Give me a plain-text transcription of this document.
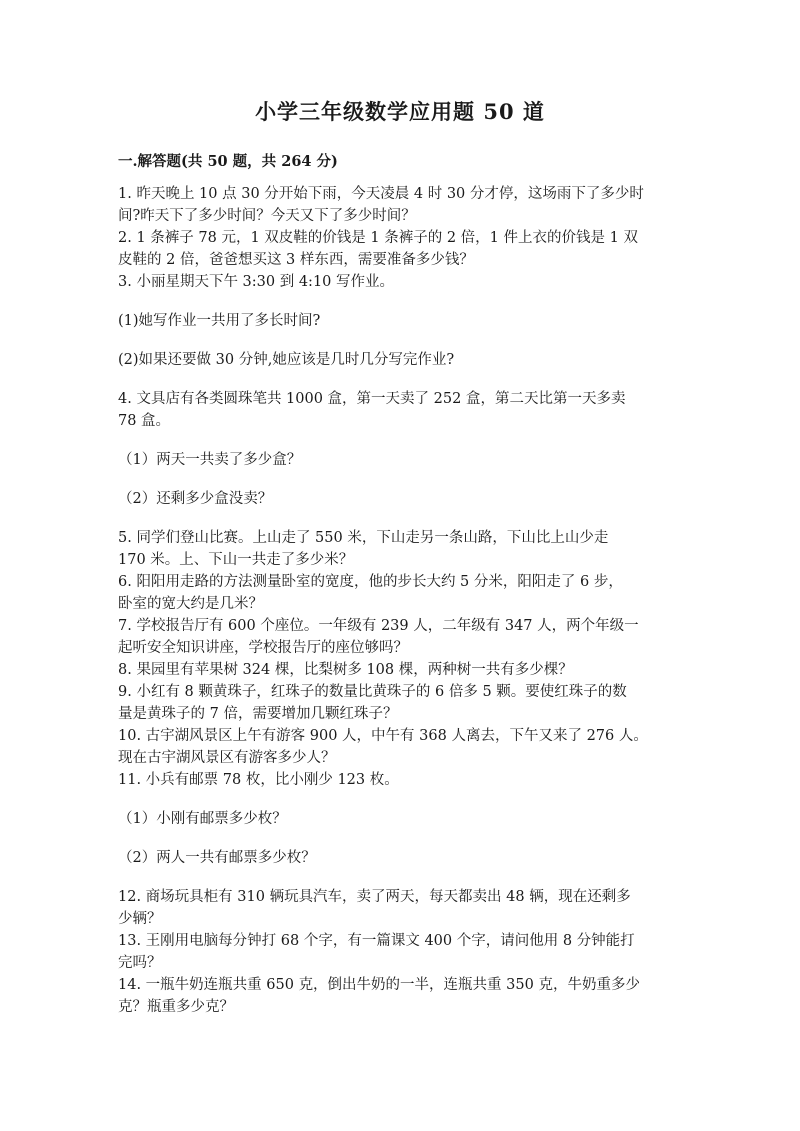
小学三年级数学应用题 50 道
一.解答题(共 50 题，共 264 分)
1. 昨天晚上 10 点 30 分开始下雨，今天凌晨 4 时 30 分才停，这场雨下了多少时
间?昨天下了多少时间？今天又下了多少时间？
2. 1 条裤子 78 元，1 双皮鞋的价钱是 1 条裤子的 2 倍，1 件上衣的价钱是 1 双
皮鞋的 2 倍，爸爸想买这 3 样东西，需要准备多少钱？
3. 小丽星期天下午 3:30 到 4:10 写作业。
(1)她写作业一共用了多长时间?
(2)如果还要做 30 分钟,她应该是几时几分写完作业?
4. 文具店有各类圆珠笔共 1000 盒，第一天卖了 252 盒，第二天比第一天多卖
78 盒。
（1）两天一共卖了多少盒？
（2）还剩多少盒没卖？
5. 同学们登山比赛。上山走了 550 米，下山走另一条山路，下山比上山少走
170 米。上、下山一共走了多少米？
6. 阳阳用走路的方法测量卧室的宽度，他的步长大约 5 分米，阳阳走了 6 步，
卧室的宽大约是几米？
7. 学校报告厅有 600 个座位。一年级有 239 人，二年级有 347 人，两个年级一
起听安全知识讲座，学校报告厅的座位够吗？
8. 果园里有苹果树 324 棵，比梨树多 108 棵，两种树一共有多少棵？
9. 小红有 8 颗黄珠子，红珠子的数量比黄珠子的 6 倍多 5 颗。要使红珠子的数
量是黄珠子的 7 倍，需要增加几颗红珠子？
10. 古宇湖风景区上午有游客 900 人，中午有 368 人离去，下午又来了 276 人。
现在古宇湖风景区有游客多少人？
11. 小兵有邮票 78 枚，比小刚少 123 枚。
（1）小刚有邮票多少枚？
（2）两人一共有邮票多少枚？
12. 商场玩具柜有 310 辆玩具汽车，卖了两天，每天都卖出 48 辆，现在还剩多
少辆？
13. 王刚用电脑每分钟打 68 个字，有一篇课文 400 个字，请问他用 8 分钟能打
完吗？
14. 一瓶牛奶连瓶共重 650 克，倒出牛奶的一半，连瓶共重 350 克，牛奶重多少
克？瓶重多少克？
